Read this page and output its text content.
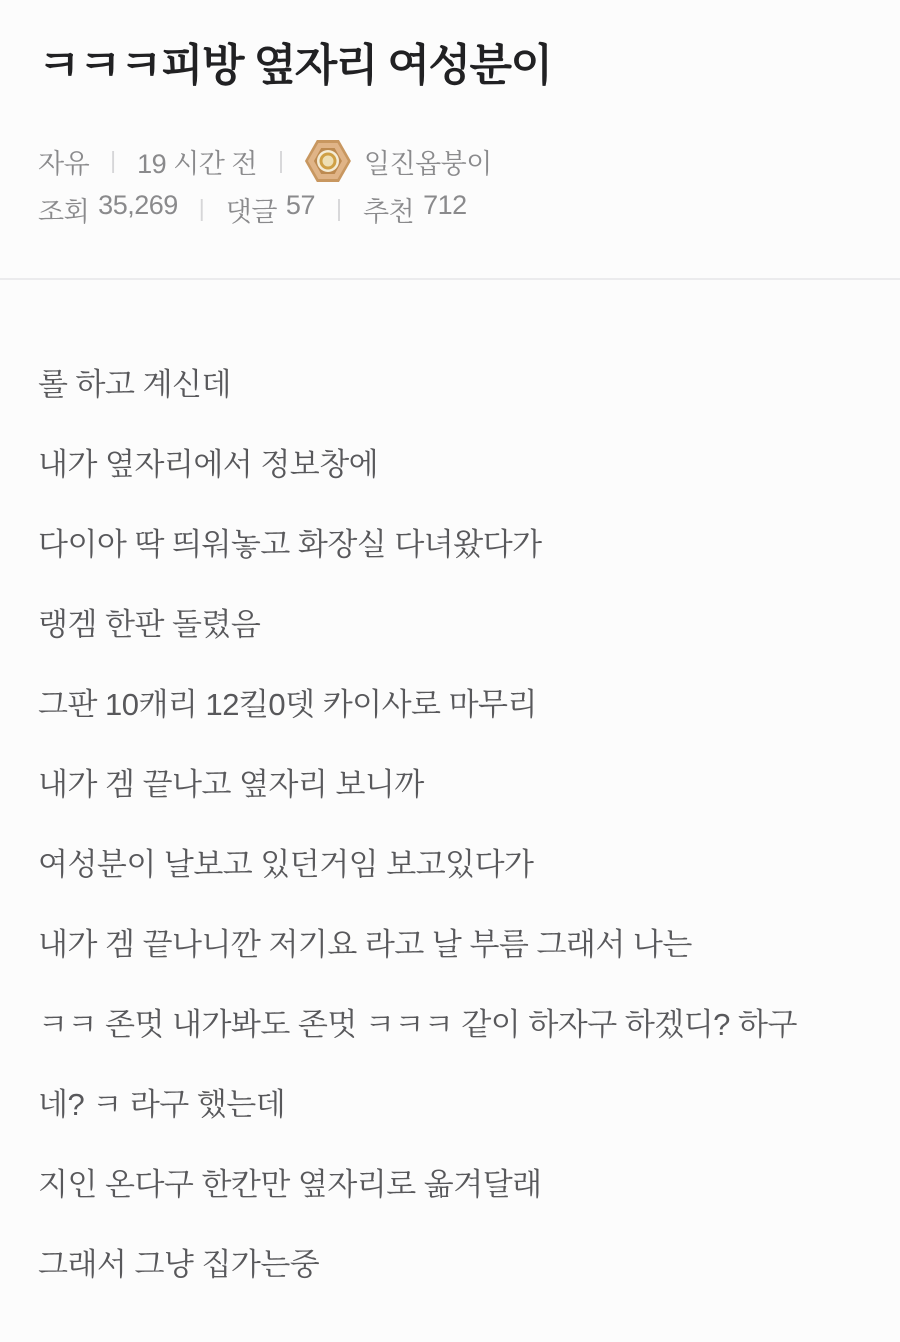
ㅋㅋㅋ피방 옆자리 여성분이
자유 | 19 시간 전 |	일진옵붕이
조회 35,269 | 댓글 57 | 추천 712

롤 하고 계신데

내가 옆자리에서 정보창에

다이아 딱 띄워놓고 화장실 다녀왔다가

랭겜 한판 돌렸음

그판 10캐리 12킬0뎃 카이사로 마무리

내가 겜 끝나고 옆자리 보니까

여성분이 날보고 있던거임 보고있다가

내가 겜 끝나니깐 저기요 라고 날 부름 그래서 나는

ㅋㅋ 존멋 내가봐도 존멋 ㅋㅋㅋ 같이 하자구 하겠디? 하구

네? ㅋ 라구 했는데

지인 온다구 한칸만 옆자리로 옮겨달래

그래서 그냥 집가는중
